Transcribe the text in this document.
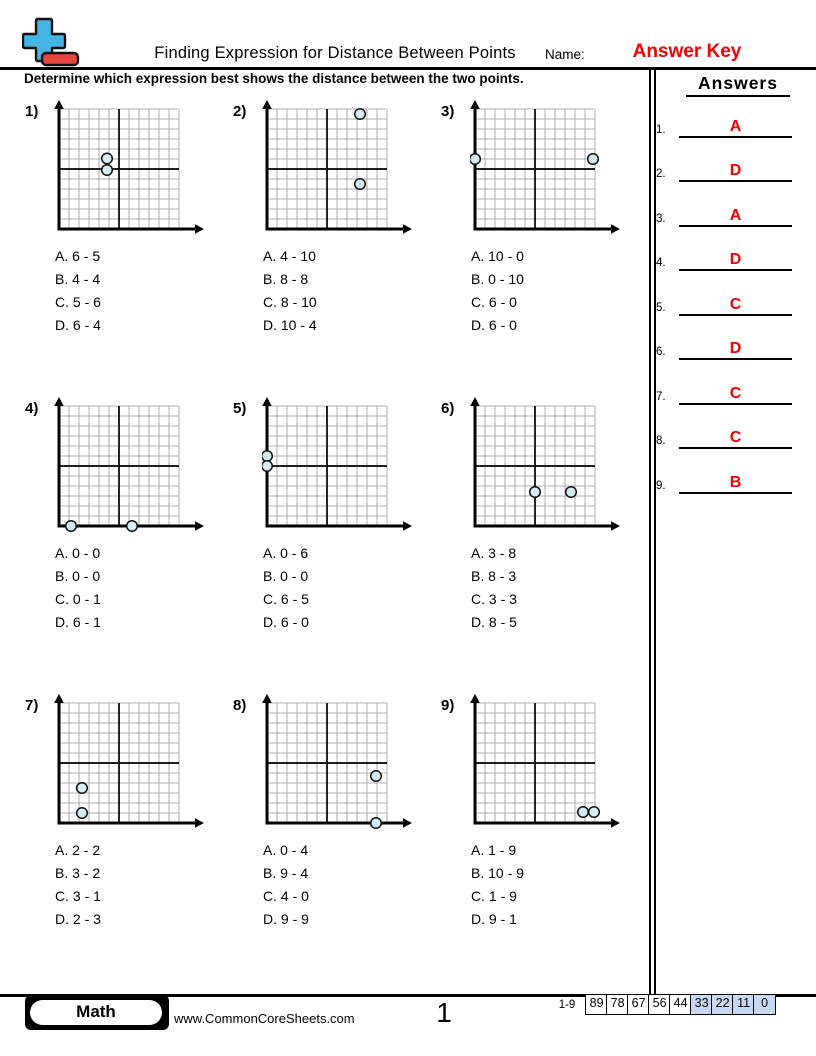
Finding Expression for Distance Between Points	Name:	Answer Key
Determine which expression best shows the distance between the two points.	Answers
1.	A
2.	D
3.	A
4.	D
5.	C
6.	D
7.	C
8.	C
9.	B
1)
A. 6 - 5
B. 4 - 4
C. 5 - 6
D. 6 - 4
2)
A. 4 - 10
B. 8 - 8
C. 8 - 10
D. 10 - 4
3)
A. 10 - 0
B. 0 - 10
C. 6 - 0
D. 6 - 0
4)
A. 0 - 0
B. 0 - 0
C. 0 - 1
D. 6 - 1
5)
A. 0 - 6
B. 0 - 0
C. 6 - 5
D. 6 - 0
6)
A. 3 - 8
B. 8 - 3
C. 3 - 3
D. 8 - 5
7)
A. 2 - 2
B. 3 - 2
C. 3 - 1
D. 2 - 3
8)
A. 0 - 4
B. 9 - 4
C. 4 - 0
D. 9 - 9
9)
A. 1 - 9
B. 10 - 9
C. 1 - 9
D. 9 - 1
Math	www.CommonCoreSheets.com	1	1-9	89 78 67 56 44 33 22 11 0
